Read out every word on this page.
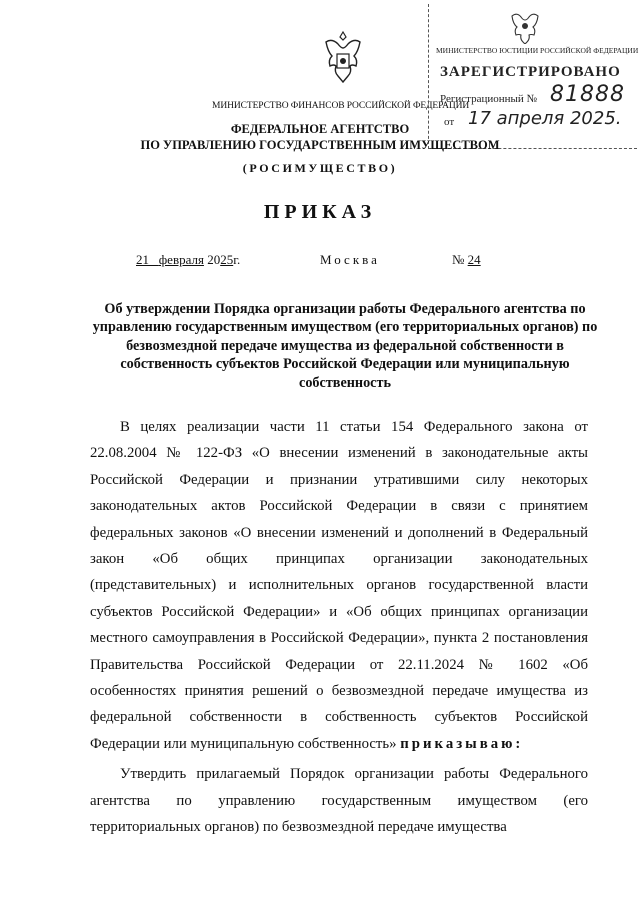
МИНИСТЕРСТВО ФИНАНСОВ РОССИЙСКОЙ ФЕДЕРАЦИИ
МИНИСТЕРСТВО ЮСТИЦИИ РОССИЙСКОЙ ФЕДЕРАЦИИ
ЗАРЕГИСТРИРОВАНО
Регистрационный № 81888
от 17 апреля 2025.
ФЕДЕРАЛЬНОЕ АГЕНТСТВО
ПО УПРАВЛЕНИЮ ГОСУДАРСТВЕННЫМ ИМУЩЕСТВОМ
(РОСИМУЩЕСТВО)
ПРИКАЗ
21 февраля 2025г.	Москва	№ 24
Об утверждении Порядка организации работы Федерального агентства по управлению государственным имуществом (его территориальных органов) по безвозмездной передаче имущества из федеральной собственности в собственность субъектов Российской Федерации или муниципальную собственность

В целях реализации части 11 статьи 154 Федерального закона от 22.08.2004 № 122-ФЗ «О внесении изменений в законодательные акты Российской Федерации и признании утратившими силу некоторых законодательных актов Российской Федерации в связи с принятием федеральных законов «О внесении изменений и дополнений в Федеральный закон «Об общих принципах организации законодательных (представительных) и исполнительных органов государственной власти субъектов Российской Федерации» и «Об общих принципах организации местного самоуправления в Российской Федерации», пункта 2 постановления Правительства Российской Федерации от 22.11.2024 № 1602 «Об особенностях принятия решений о безвозмездной передаче имущества из федеральной собственности в собственность субъектов Российской Федерации или муниципальную собственность» приказываю:

Утвердить прилагаемый Порядок организации работы Федерального агентства по управлению государственным имуществом (его территориальных органов) по безвозмездной передаче имущества
